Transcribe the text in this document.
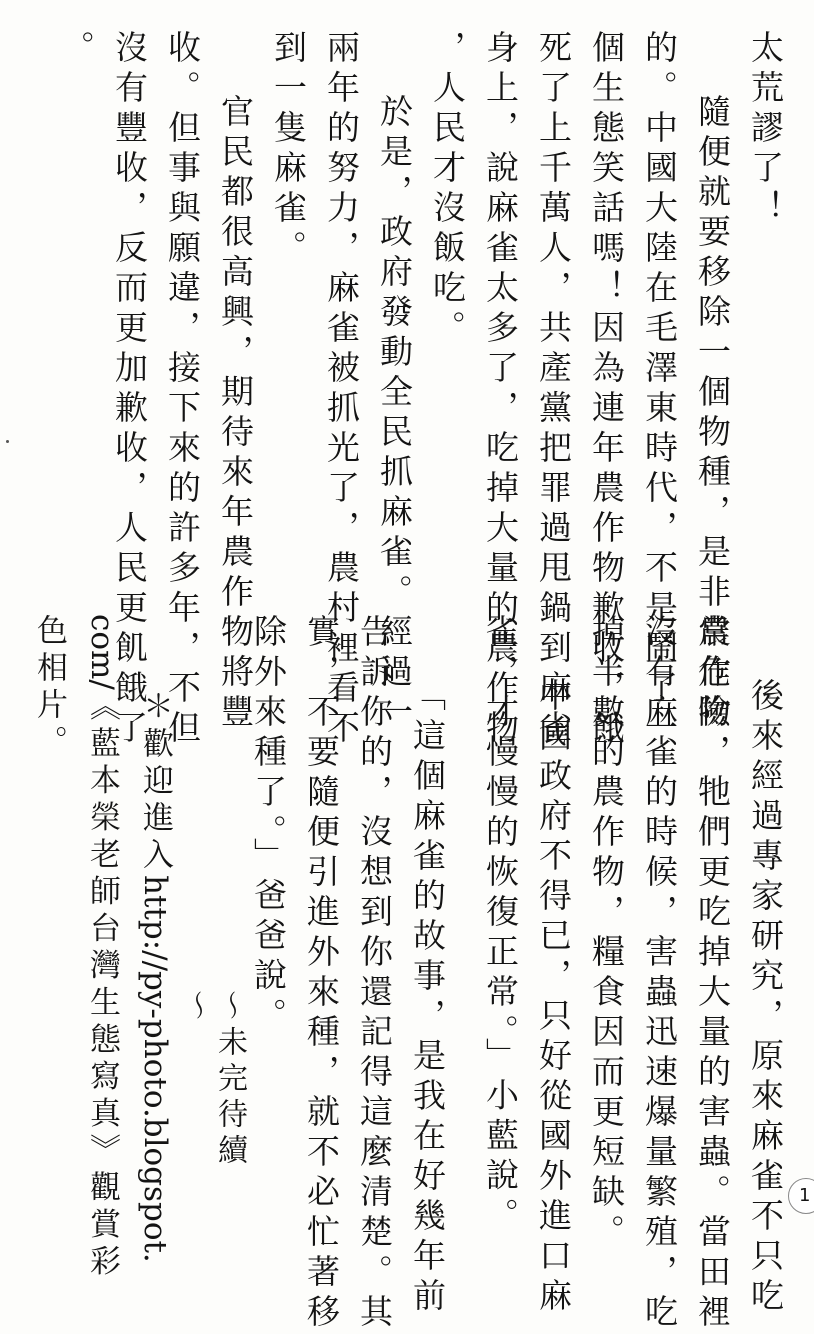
太荒謬了！
隨便就要移除一個物種，是非常危險
的。中國大陸在毛澤東時代，不是鬧了一
個生態笑話嗎！因為連年農作物歉收，餓
死了上千萬人，共產黨把罪過甩鍋到麻雀
身上，說麻雀太多了，吃掉大量的農作物
，人民才沒飯吃。
於是，政府發動全民抓麻雀。經過一
兩年的努力，麻雀被抓光了，農村裡看不
到一隻麻雀。
官民都很高興，期待來年農作物將豐
收。但事與願違，接下來的許多年，不但
沒有豐收，反而更加歉收，人民更飢餓了
。
後來經過專家研究，原來麻雀不只吃
農作物，牠們更吃掉大量的害蟲。當田裡
沒有麻雀的時候，害蟲迅速爆量繁殖，吃
掉半數的農作物，糧食因而更短缺。
中國政府不得已，只好從國外進口麻
雀，才慢慢的恢復正常。」小藍說。
「這個麻雀的故事，是我在好幾年前
告訴你的，沒想到你還記得這麼清楚。其
實，不要隨便引進外來種，就不必忙著移
除外來種了。」爸爸說。
～未完待續～
＊歡迎進入http://py-photo.blogspot.
com/《藍本榮老師台灣生態寫真》觀賞彩
色相片。
1
